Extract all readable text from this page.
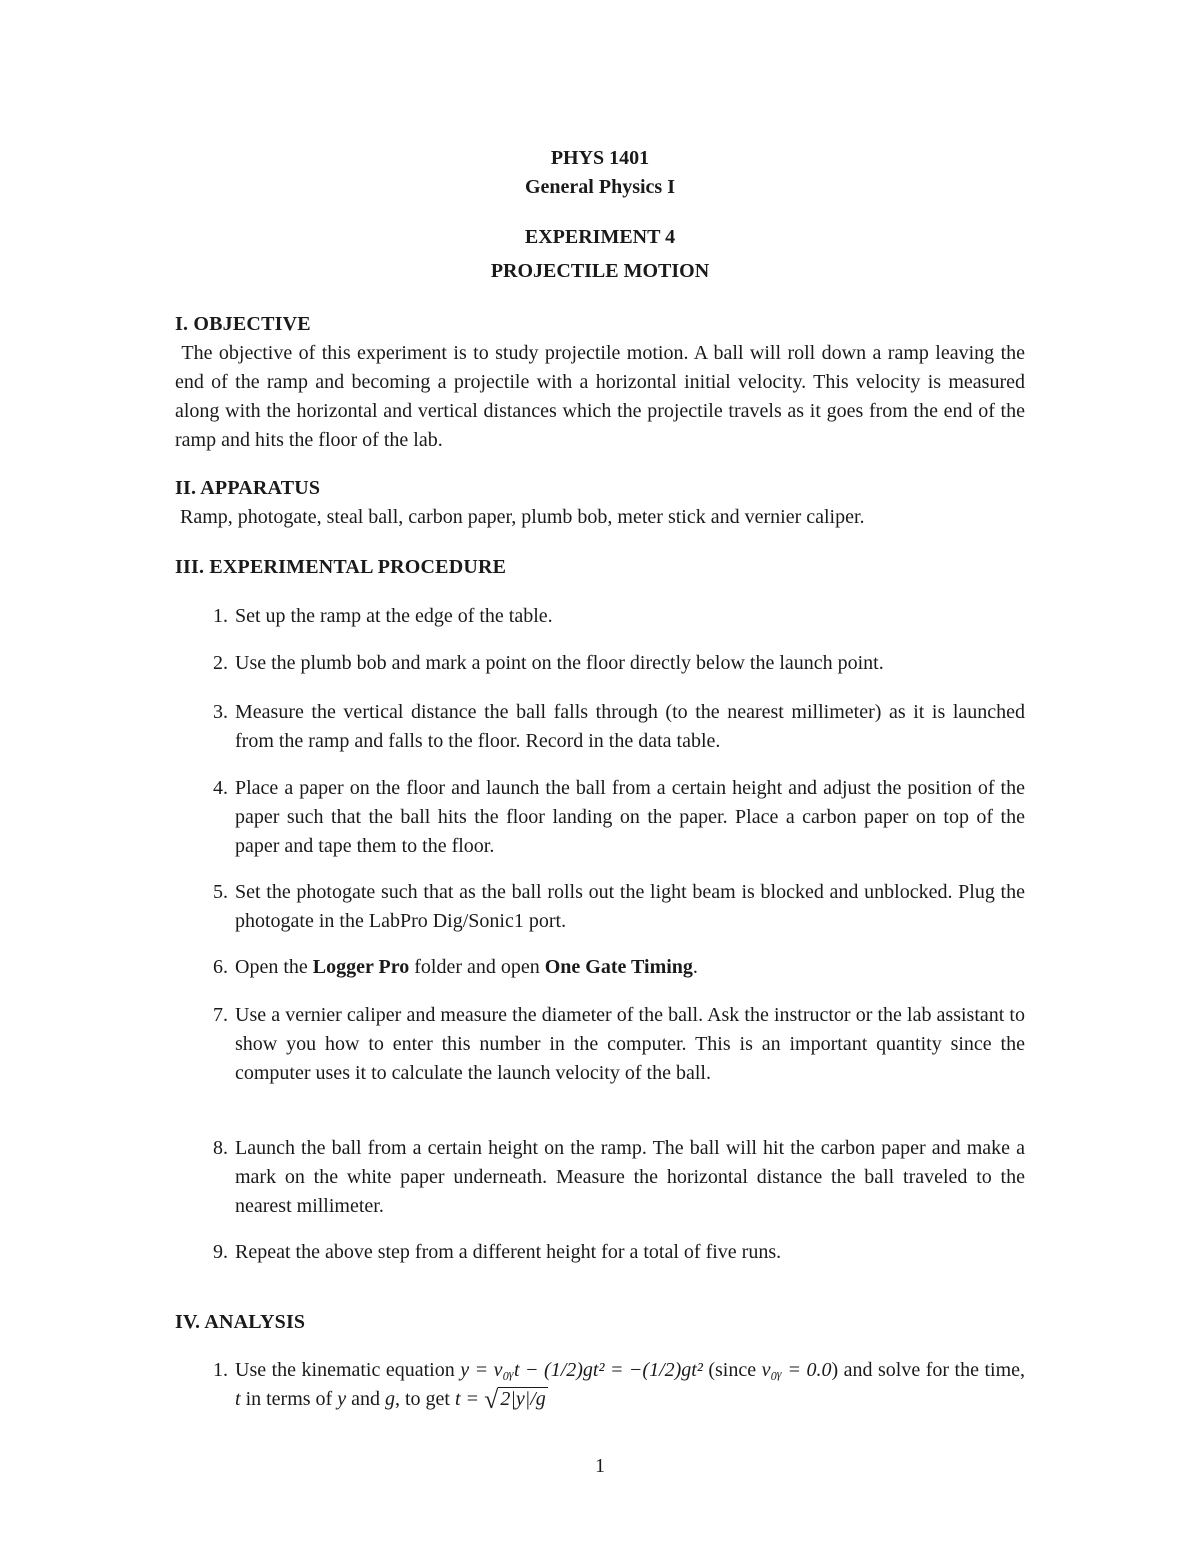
PHYS 1401
General Physics I
EXPERIMENT 4
PROJECTILE MOTION
I. OBJECTIVE
The objective of this experiment is to study projectile motion. A ball will roll down a ramp leaving the end of the ramp and becoming a projectile with a horizontal initial velocity. This velocity is measured along with the horizontal and vertical distances which the projectile travels as it goes from the end of the ramp and hits the floor of the lab.
II. APPARATUS
Ramp, photogate, steal ball, carbon paper, plumb bob, meter stick and vernier caliper.
III. EXPERIMENTAL PROCEDURE
1. Set up the ramp at the edge of the table.
2. Use the plumb bob and mark a point on the floor directly below the launch point.
3. Measure the vertical distance the ball falls through (to the nearest millimeter) as it is launched from the ramp and falls to the floor. Record in the data table.
4. Place a paper on the floor and launch the ball from a certain height and adjust the position of the paper such that the ball hits the floor landing on the paper. Place a carbon paper on top of the paper and tape them to the floor.
5. Set the photogate such that as the ball rolls out the light beam is blocked and unblocked. Plug the photogate in the LabPro Dig/Sonic1 port.
6. Open the Logger Pro folder and open One Gate Timing.
7. Use a vernier caliper and measure the diameter of the ball. Ask the instructor or the lab assistant to show you how to enter this number in the computer. This is an important quantity since the computer uses it to calculate the launch velocity of the ball.
8. Launch the ball from a certain height on the ramp. The ball will hit the carbon paper and make a mark on the white paper underneath. Measure the horizontal distance the ball traveled to the nearest millimeter.
9. Repeat the above step from a different height for a total of five runs.
IV. ANALYSIS
1. Use the kinematic equation y = v₀ᵧt − (1/2)gt² = −(1/2)gt² (since v₀ᵧ = 0.0) and solve for the time, t in terms of y and g, to get t = √ 2|y|/g
1
